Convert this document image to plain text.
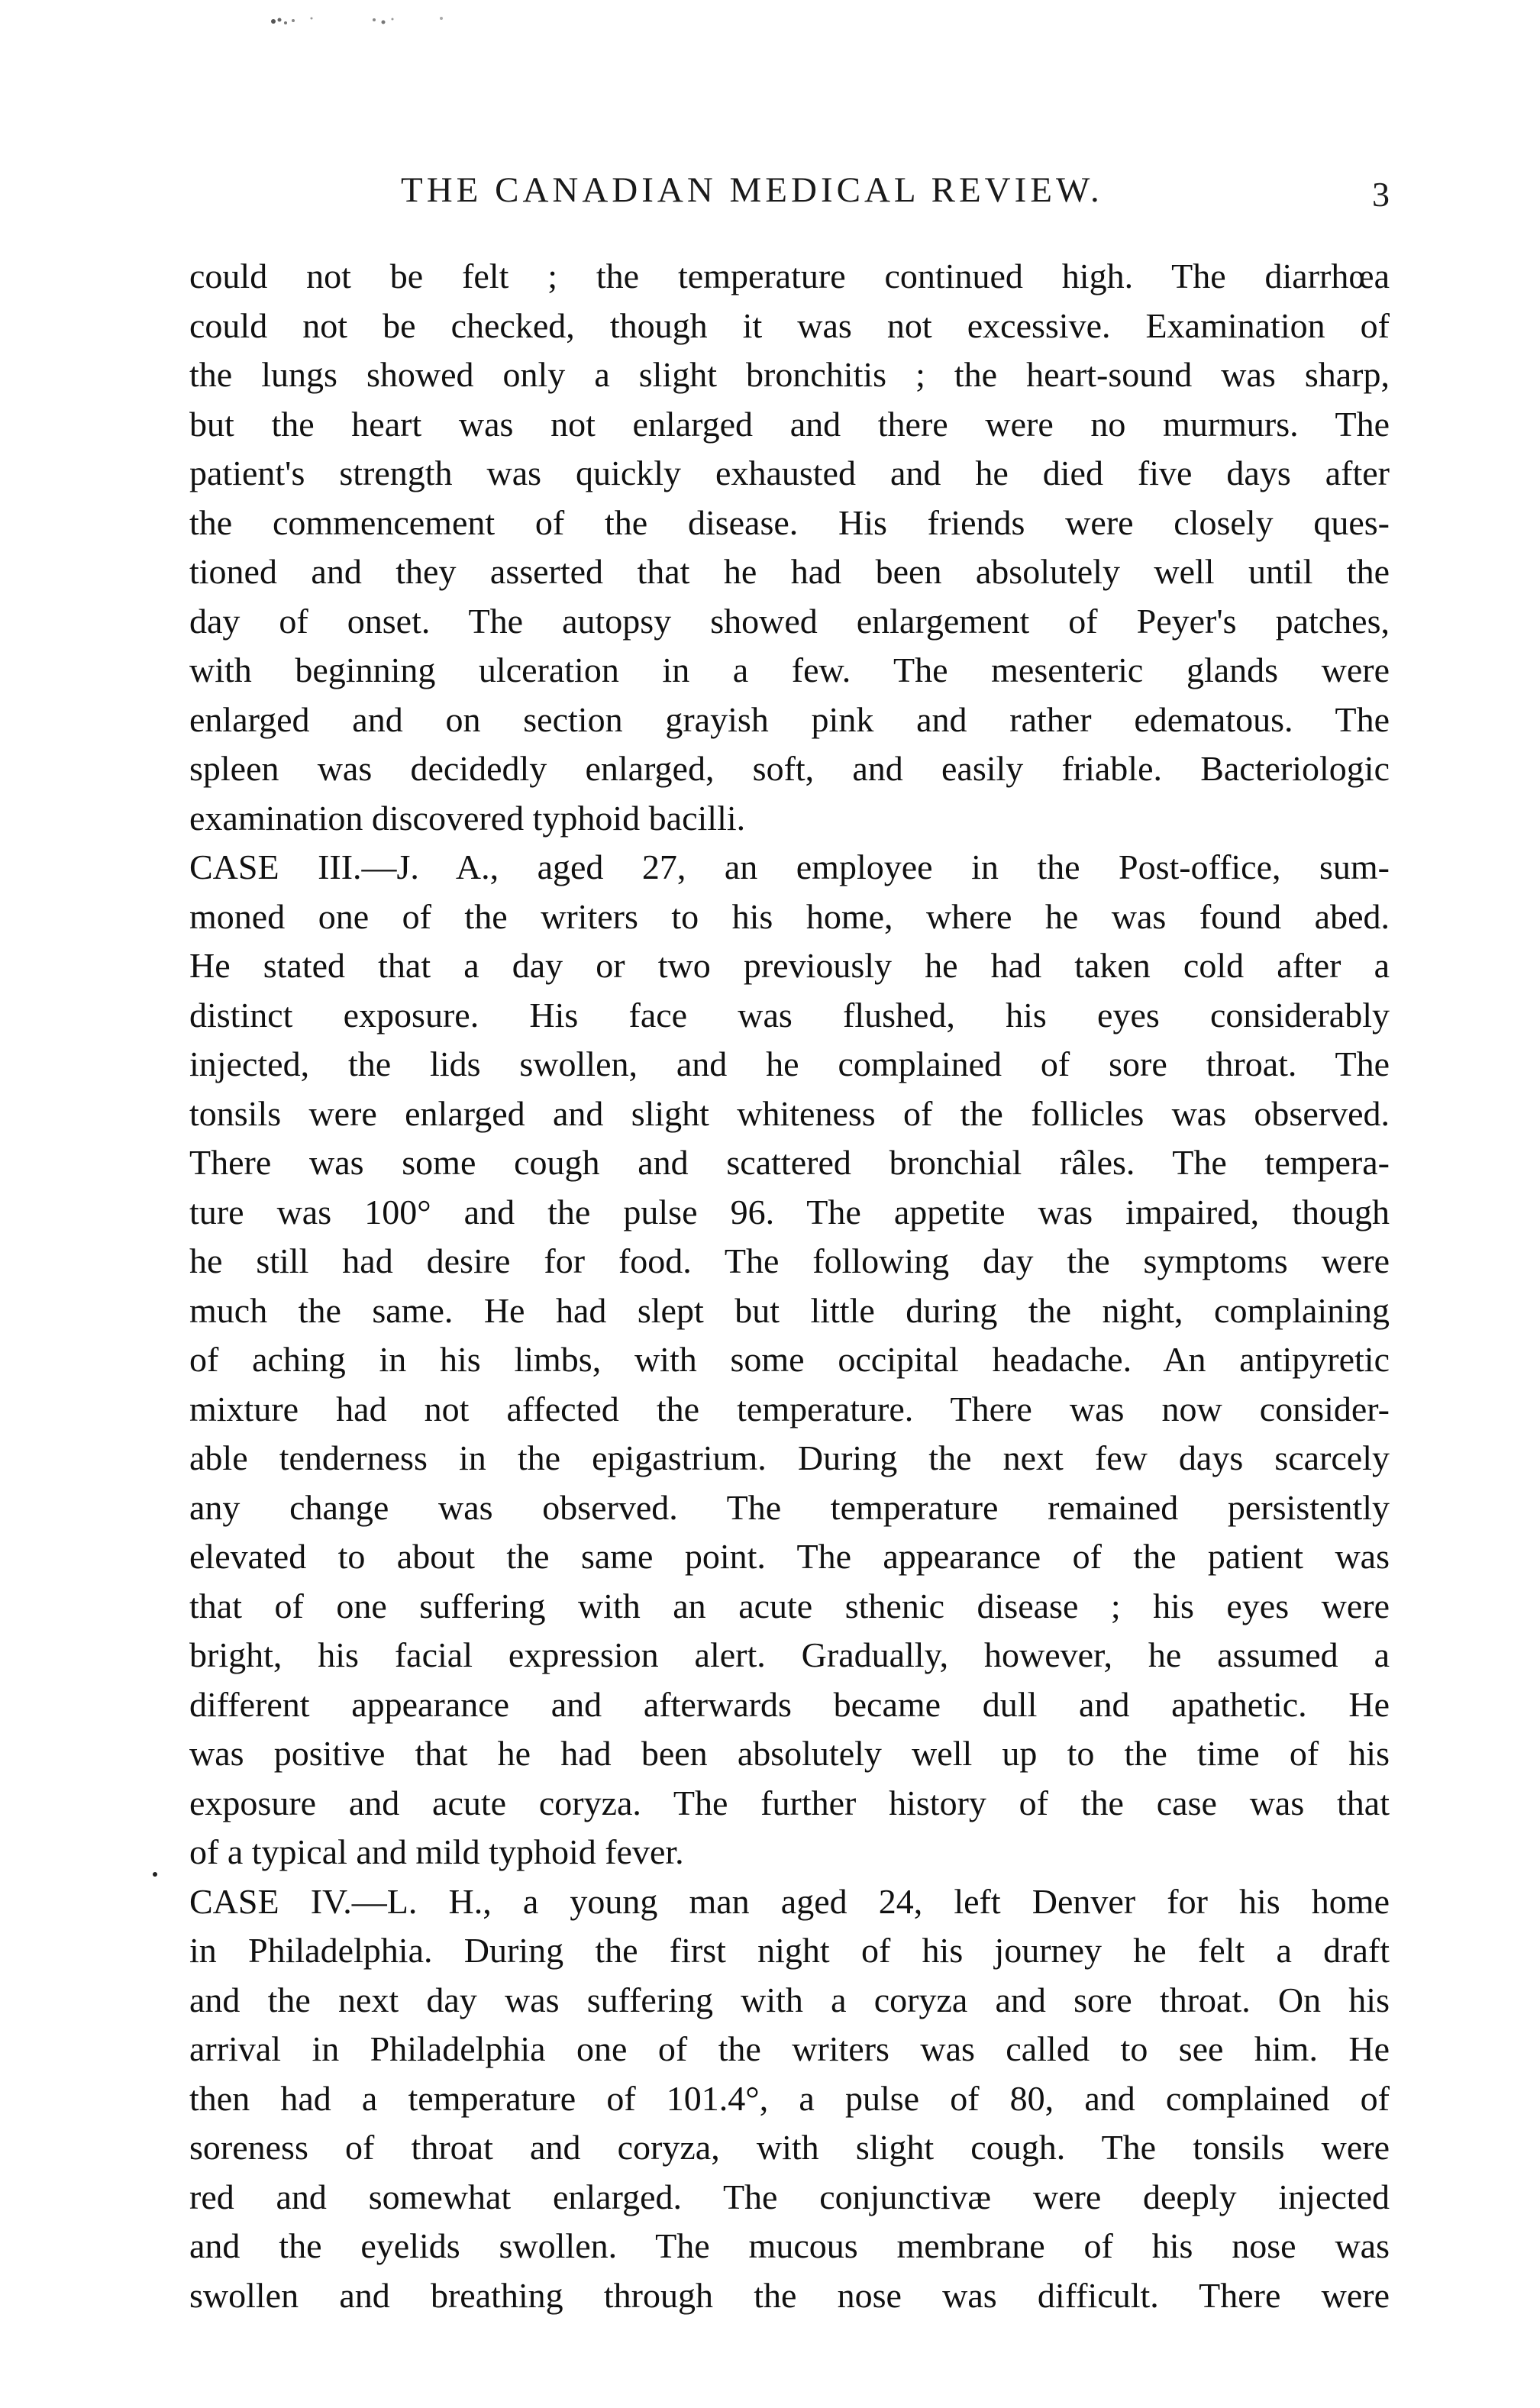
THE CANADIAN MEDICAL REVIEW.	3
could not be felt ; the temperature continued high. The diarrhœa
could not be checked, though it was not excessive. Examination of
the lungs showed only a slight bronchitis ; the heart-sound was sharp,
but the heart was not enlarged and there were no murmurs. The
patient's strength was quickly exhausted and he died five days after
the commencement of the disease. His friends were closely ques-
tioned and they asserted that he had been absolutely well until the
day of onset. The autopsy showed enlargement of Peyer's patches,
with beginning ulceration in a few. The mesenteric glands were
enlarged and on section grayish pink and rather edematous. The
spleen was decidedly enlarged, soft, and easily friable. Bacteriologic
examination discovered typhoid bacilli.
CASE III.—J. A., aged 27, an employee in the Post-office, sum-
moned one of the writers to his home, where he was found abed.
He stated that a day or two previously he had taken cold after a
distinct exposure. His face was flushed, his eyes considerably
injected, the lids swollen, and he complained of sore throat. The
tonsils were enlarged and slight whiteness of the follicles was observed.
There was some cough and scattered bronchial râles. The tempera-
ture was 100° and the pulse 96. The appetite was impaired, though
he still had desire for food. The following day the symptoms were
much the same. He had slept but little during the night, complaining
of aching in his limbs, with some occipital headache. An antipyretic
mixture had not affected the temperature. There was now consider-
able tenderness in the epigastrium. During the next few days scarcely
any change was observed. The temperature remained persistently
elevated to about the same point. The appearance of the patient was
that of one suffering with an acute sthenic disease ; his eyes were
bright, his facial expression alert. Gradually, however, he assumed a
different appearance and afterwards became dull and apathetic. He
was positive that he had been absolutely well up to the time of his
exposure and acute coryza. The further history of the case was that
of a typical and mild typhoid fever.
CASE IV.—L. H., a young man aged 24, left Denver for his home
in Philadelphia. During the first night of his journey he felt a draft
and the next day was suffering with a coryza and sore throat. On his
arrival in Philadelphia one of the writers was called to see him. He
then had a temperature of 101.4°, a pulse of 80, and complained of
soreness of throat and coryza, with slight cough. The tonsils were
red and somewhat enlarged. The conjunctivæ were deeply injected
and the eyelids swollen. The mucous membrane of his nose was
swollen and breathing through the nose was difficult. There were
